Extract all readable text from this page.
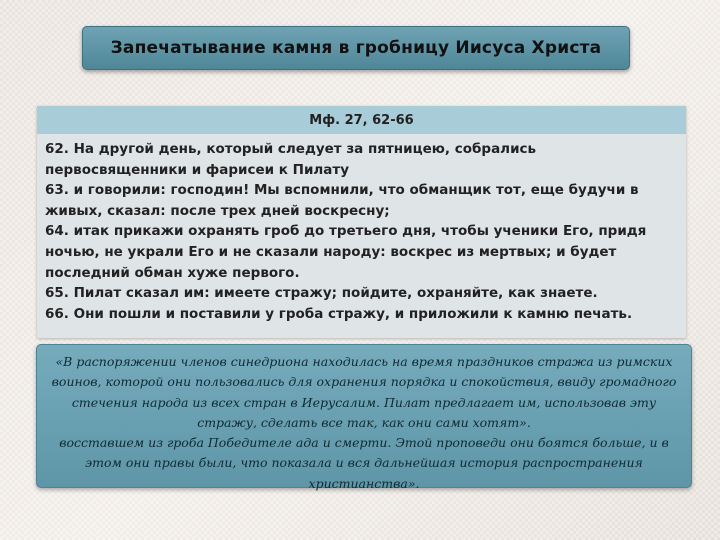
Запечатывание камня в гробницу Иисуса Христа
Мф. 27, 62-66

62. На другой день, который следует за пятницею, собрались первосвященники и фарисеи к Пилату

63. и говорили: господин! Мы вспомнили, что обманщик тот, еще будучи в живых, сказал: после трех дней воскресну;

64. итак прикажи охранять гроб до третьего дня, чтобы ученики Его, придя ночью, не украли Его и не сказали народу: воскрес из мертвых; и будет последний обман хуже первого.

65. Пилат сказал им: имеете стражу; пойдите, охраняйте, как знаете.

66. Они пошли и поставили у гроба стражу, и приложили к камню печать.

«В распоряжении членов синедриона находилась на время праздников стража из римских воинов, которой они пользовались для охранения порядка и спокойствия, ввиду громадного стечения народа из всех стран в Иерусалим. Пилат предлагает им, использовав эту стражу, сделать все так, как они сами хотят».

восставшем из гроба Победителе ада и смерти. Этой проповеди они боятся больше, и в этом они правы были, что показала и вся дальнейшая история распространения христианства».
